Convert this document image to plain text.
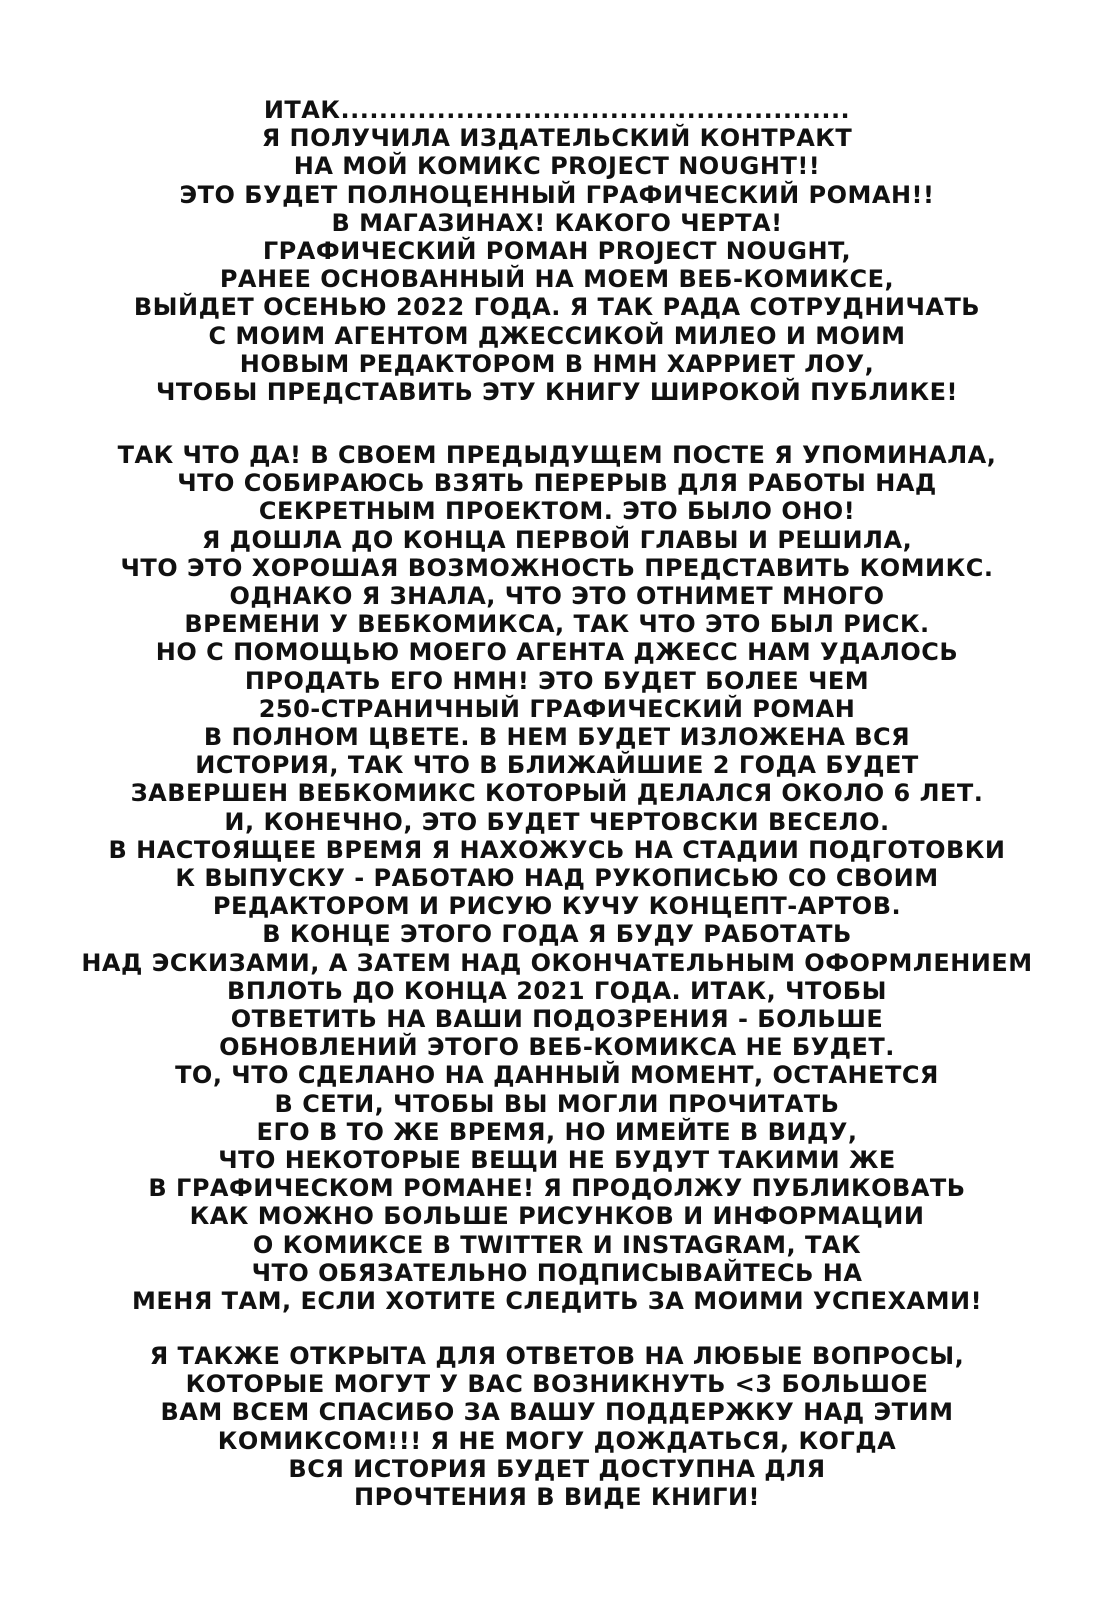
ИТАК.....................................................
Я ПОЛУЧИЛА ИЗДАТЕЛЬСКИЙ КОНТРАКТ
НА МОЙ КОМИКС PROJECT NOUGHT!!
ЭТО БУДЕТ ПОЛНОЦЕННЫЙ ГРАФИЧЕСКИЙ РОМАН!!
В МАГАЗИНАХ! КАКОГО ЧЕРТА!
ГРАФИЧЕСКИЙ РОМАН PROJECT NOUGHT,
РАНЕЕ ОСНОВАННЫЙ НА МОЕМ ВЕБ-КОМИКСЕ,
ВЫЙДЕТ ОСЕНЬЮ 2022 ГОДА. Я ТАК РАДА СОТРУДНИЧАТЬ
С МОИМ АГЕНТОМ ДЖЕССИКОЙ МИЛЕО И МОИМ
НОВЫМ РЕДАКТОРОМ В HMH ХАРРИЕТ ЛОУ,
ЧТОБЫ ПРЕДСТАВИТЬ ЭТУ КНИГУ ШИРОКОЙ ПУБЛИКЕ!
ТАК ЧТО ДА! В СВОЕМ ПРЕДЫДУЩЕМ ПОСТЕ Я УПОМИНАЛА,
ЧТО СОБИРАЮСЬ ВЗЯТЬ ПЕРЕРЫВ ДЛЯ РАБОТЫ НАД
СЕКРЕТНЫМ ПРОЕКТОМ. ЭТО БЫЛО ОНО!
Я ДОШЛА ДО КОНЦА ПЕРВОЙ ГЛАВЫ И РЕШИЛА,
ЧТО ЭТО ХОРОШАЯ ВОЗМОЖНОСТЬ ПРЕДСТАВИТЬ КОМИКС.
ОДНАКО Я ЗНАЛА, ЧТО ЭТО ОТНИМЕТ МНОГО
ВРЕМЕНИ У ВЕБКОМИКСА, ТАК ЧТО ЭТО БЫЛ РИСК.
НО С ПОМОЩЬЮ МОЕГО АГЕНТА ДЖЕСС НАМ УДАЛОСЬ
ПРОДАТЬ ЕГО HMH! ЭТО БУДЕТ БОЛЕЕ ЧЕМ
250-СТРАНИЧНЫЙ ГРАФИЧЕСКИЙ РОМАН
В ПОЛНОМ ЦВЕТЕ. В НЕМ БУДЕТ ИЗЛОЖЕНА ВСЯ
ИСТОРИЯ, ТАК ЧТО В БЛИЖАЙШИЕ 2 ГОДА БУДЕТ
ЗАВЕРШЕН ВЕБКОМИКС КОТОРЫЙ ДЕЛАЛСЯ ОКОЛО 6 ЛЕТ.
И, КОНЕЧНО, ЭТО БУДЕТ ЧЕРТОВСКИ ВЕСЕЛО.
В НАСТОЯЩЕЕ ВРЕМЯ Я НАХОЖУСЬ НА СТАДИИ ПОДГОТОВКИ
К ВЫПУСКУ - РАБОТАЮ НАД РУКОПИСЬЮ СО СВОИМ
РЕДАКТОРОМ И РИСУЮ КУЧУ КОНЦЕПТ-АРТОВ.
В КОНЦЕ ЭТОГО ГОДА Я БУДУ РАБОТАТЬ
НАД ЭСКИЗАМИ, А ЗАТЕМ НАД ОКОНЧАТЕЛЬНЫМ ОФОРМЛЕНИЕМ
ВПЛОТЬ ДО КОНЦА 2021 ГОДА. ИТАК, ЧТОБЫ
ОТВЕТИТЬ НА ВАШИ ПОДОЗРЕНИЯ - БОЛЬШЕ
ОБНОВЛЕНИЙ ЭТОГО ВЕБ-КОМИКСА НЕ БУДЕТ.
ТО, ЧТО СДЕЛАНО НА ДАННЫЙ МОМЕНТ, ОСТАНЕТСЯ
В СЕТИ, ЧТОБЫ ВЫ МОГЛИ ПРОЧИТАТЬ
ЕГО В ТО ЖЕ ВРЕМЯ, НО ИМЕЙТЕ В ВИДУ,
ЧТО НЕКОТОРЫЕ ВЕЩИ НЕ БУДУТ ТАКИМИ ЖЕ
В ГРАФИЧЕСКОМ РОМАНЕ! Я ПРОДОЛЖУ ПУБЛИКОВАТЬ
КАК МОЖНО БОЛЬШЕ РИСУНКОВ И ИНФОРМАЦИИ
О КОМИКСЕ В TWITTER И INSTAGRAM, ТАК
ЧТО ОБЯЗАТЕЛЬНО ПОДПИСЫВАЙТЕСЬ НА
МЕНЯ ТАМ, ЕСЛИ ХОТИТЕ СЛЕДИТЬ ЗА МОИМИ УСПЕХАМИ!
Я ТАКЖЕ ОТКРЫТА ДЛЯ ОТВЕТОВ НА ЛЮБЫЕ ВОПРОСЫ,
КОТОРЫЕ МОГУТ У ВАС ВОЗНИКНУТЬ <3 БОЛЬШОЕ
ВАМ ВСЕМ СПАСИБО ЗА ВАШУ ПОДДЕРЖКУ НАД ЭТИМ
КОМИКСОМ!!! Я НЕ МОГУ ДОЖДАТЬСЯ, КОГДА
ВСЯ ИСТОРИЯ БУДЕТ ДОСТУПНА ДЛЯ
ПРОЧТЕНИЯ В ВИДЕ КНИГИ!
